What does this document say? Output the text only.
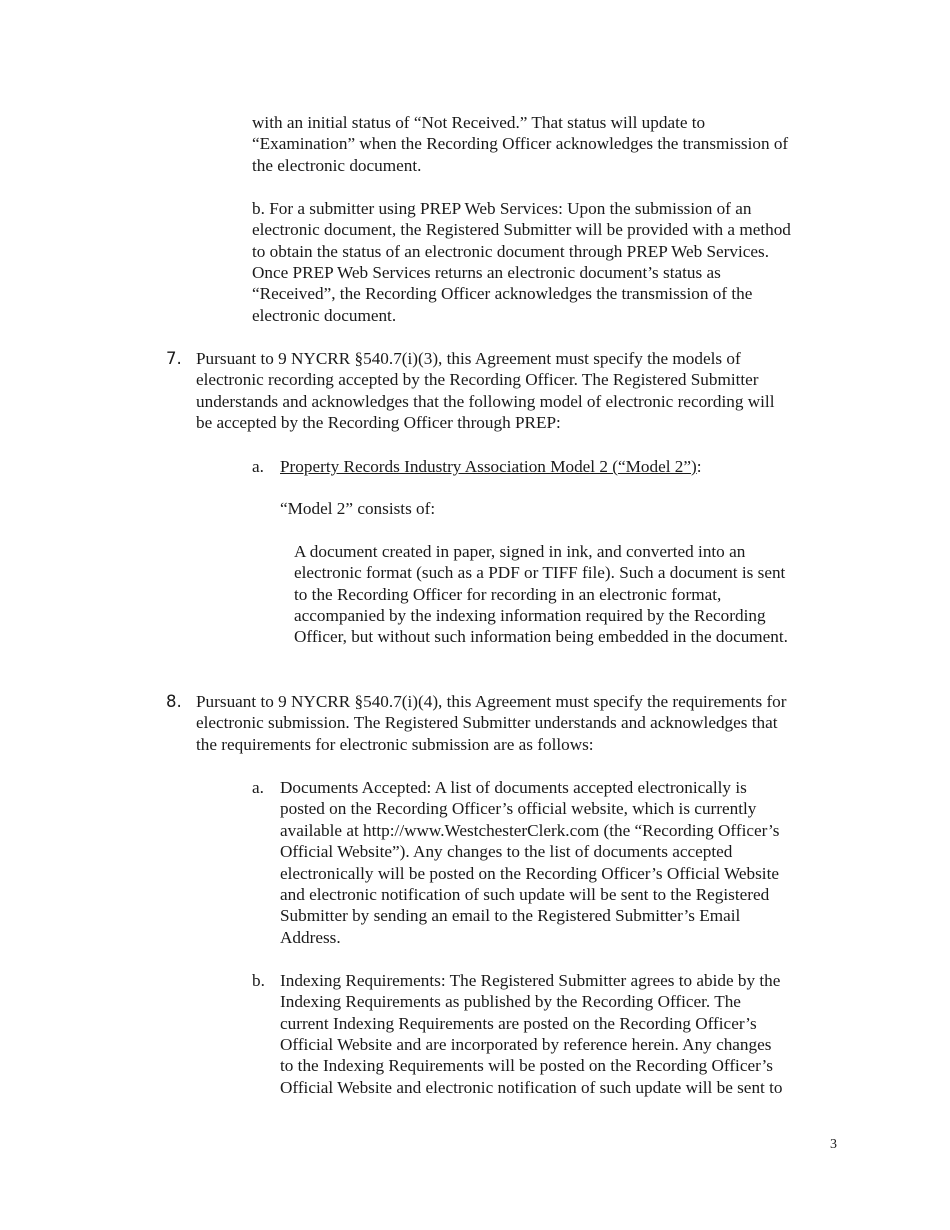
with an initial status of “Not Received.” That status will update to
“Examination” when the Recording Officer acknowledges the transmission of
the electronic document.
b. For a submitter using PREP Web Services: Upon the submission of an
electronic document, the Registered Submitter will be provided with a method
to obtain the status of an electronic document through PREP Web Services.
Once PREP Web Services returns an electronic document’s status as
“Received”, the Recording Officer acknowledges the transmission of the
electronic document.
7. Pursuant to 9 NYCRR §540.7(i)(3), this Agreement must specify the models of
electronic recording accepted by the Recording Officer. The Registered Submitter
understands and acknowledges that the following model of electronic recording will
be accepted by the Recording Officer through PREP:
a. Property Records Industry Association Model 2 (“Model 2”):
“Model 2” consists of:
A document created in paper, signed in ink, and converted into an
electronic format (such as a PDF or TIFF file). Such a document is sent
to the Recording Officer for recording in an electronic format,
accompanied by the indexing information required by the Recording
Officer, but without such information being embedded in the document.
8. Pursuant to 9 NYCRR §540.7(i)(4), this Agreement must specify the requirements for
electronic submission. The Registered Submitter understands and acknowledges that
the requirements for electronic submission are as follows:
a. Documents Accepted: A list of documents accepted electronically is
posted on the Recording Officer’s official website, which is currently
available at http://www.WestchesterClerk.com (the “Recording Officer’s
Official Website”). Any changes to the list of documents accepted
electronically will be posted on the Recording Officer’s Official Website
and electronic notification of such update will be sent to the Registered
Submitter by sending an email to the Registered Submitter’s Email
Address.
b. Indexing Requirements: The Registered Submitter agrees to abide by the
Indexing Requirements as published by the Recording Officer. The
current Indexing Requirements are posted on the Recording Officer’s
Official Website and are incorporated by reference herein. Any changes
to the Indexing Requirements will be posted on the Recording Officer’s
Official Website and electronic notification of such update will be sent to
3
